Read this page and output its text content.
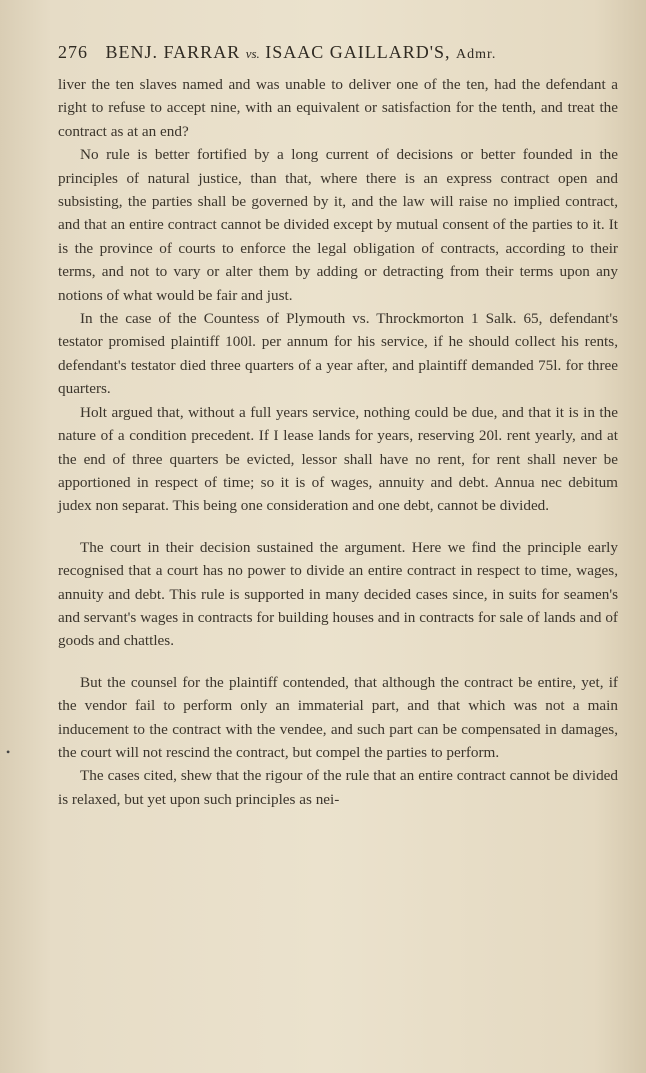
276 BENJ. FARRAR vs. ISAAC GAILLARD'S, Admr.

liver the ten slaves named and was unable to deliver one of the ten, had the defendant a right to refuse to accept nine, with an equivalent or satisfaction for the tenth, and treat the contract as at an end?

No rule is better fortified by a long current of decisions or better founded in the principles of natural justice, than that, where there is an express contract open and subsisting, the parties shall be governed by it, and the law will raise no implied contract, and that an entire contract cannot be divided except by mutual consent of the parties to it. It is the province of courts to enforce the legal obligation of contracts, according to their terms, and not to vary or alter them by adding or detracting from their terms upon any notions of what would be fair and just.

In the case of the Countess of Plymouth vs. Throckmorton 1 Salk. 65, defendant's testator promised plaintiff 100l. per annum for his service, if he should collect his rents, defendant's testator died three quarters of a year after, and plaintiff demanded 75l. for three quarters.

Holt argued that, without a full years service, nothing could be due, and that it is in the nature of a condition precedent. If I lease lands for years, reserving 20l. rent yearly, and at the end of three quarters be evicted, lessor shall have no rent, for rent shall never be apportioned in respect of time; so it is of wages, annuity and debt. Annua nec debitum judex non separat. This being one consideration and one debt, cannot be divided.

The court in their decision sustained the argument. Here we find the principle early recognised that a court has no power to divide an entire contract in respect to time, wages, annuity and debt. This rule is supported in many decided cases since, in suits for seamen's and servant's wages in contracts for building houses and in contracts for sale of lands and of goods and chattles.

But the counsel for the plaintiff contended, that although the contract be entire, yet, if the vendor fail to perform only an immaterial part, and that which was not a main inducement to the contract with the vendee, and such part can be compensated in damages, the court will not rescind the contract, but compel the parties to perform.

The cases cited, shew that the rigour of the rule that an entire contract cannot be divided is relaxed, but yet upon such principles as nei-

•
